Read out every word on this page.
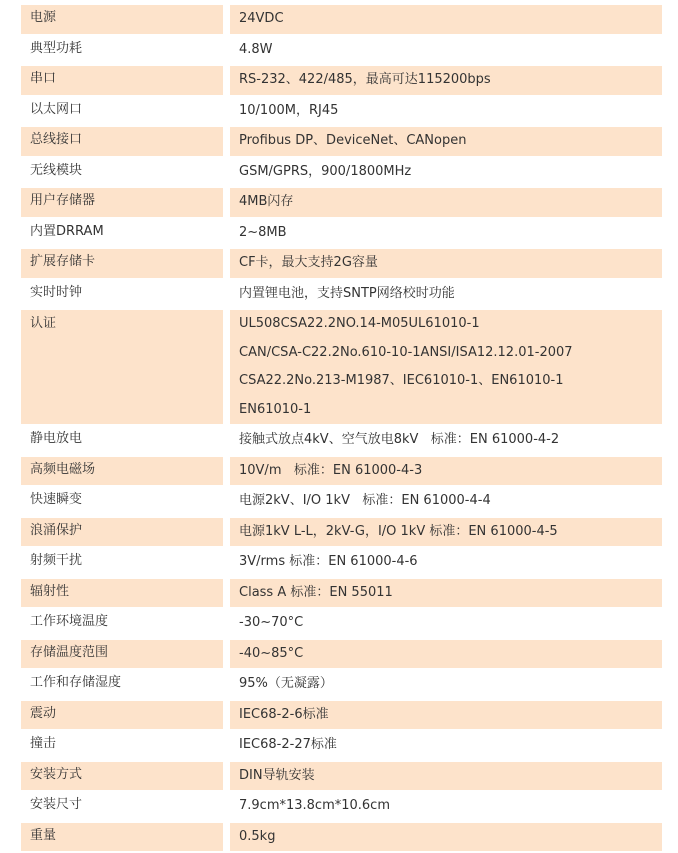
电源	24VDC
典型功耗	4.8W
串口	RS-232、422/485，最高可达115200bps
以太网口	10/100M，RJ45
总线接口	Profibus DP、DeviceNet、CANopen
无线模块	GSM/GPRS，900/1800MHz
用户存储器	4MB闪存
内置DRRAM	2~8MB
扩展存储卡	CF卡，最大支持2G容量
实时时钟	内置锂电池，支持SNTP网络校时功能
认证	UL508CSA22.2NO.14-M05UL61010-1
CAN/CSA-C22.2No.610-10-1ANSI/ISA12.12.01-2007
CSA22.2No.213-M1987、IEC61010-1、EN61010-1
EN61010-1
静电放电	接触式放点4kV、空气放电8kV   标准：EN 61000-4-2
高频电磁场	10V/m   标准：EN 61000-4-3
快速瞬变	电源2kV、I/O 1kV   标准：EN 61000-4-4
浪涌保护	电源1kV L-L，2kV-G，I/O 1kV 标准：EN 61000-4-5
射频干扰	3V/rms 标准：EN 61000-4-6
辐射性	Class A 标准：EN 55011
工作环境温度	-30~70°C
存储温度范围	-40~85°C
工作和存储湿度	95%（无凝露）
震动	IEC68-2-6标准
撞击	IEC68-2-27标准
安装方式	DIN导轨安装
安装尺寸	7.9cm*13.8cm*10.6cm
重量	0.5kg
